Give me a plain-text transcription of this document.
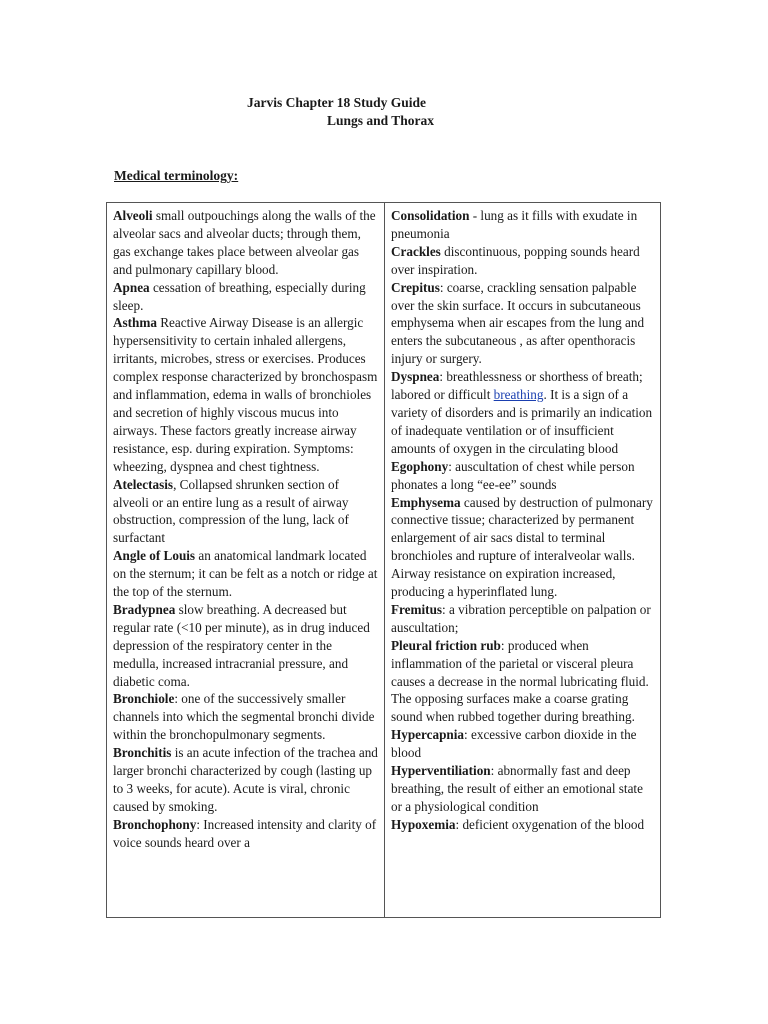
Jarvis Chapter 18 Study Guide
Lungs and Thorax
Medical terminology:

Alveoli small outpouchings along the walls of the alveolar sacs and alveolar ducts; through them, gas exchange takes place between alveolar gas and pulmonary capillary blood.

Apnea cessation of breathing, especially during sleep.

Asthma Reactive Airway Disease is an allergic hypersensitivity to certain inhaled allergens, irritants, microbes, stress or exercises. Produces complex response characterized by bronchospasm and inflammation, edema in walls of bronchioles and secretion of highly viscous mucus into airways. These factors greatly increase airway resistance, esp. during expiration. Symptoms: wheezing, dyspnea and chest tightness.

Atelectasis, Collapsed shrunken section of alveoli or an entire lung as a result of airway obstruction, compression of the lung, lack of surfactant

Angle of Louis an anatomical landmark located on the sternum; it can be felt as a notch or ridge at the top of the sternum.

Bradypnea slow breathing. A decreased but regular rate (<10 per minute), as in drug induced depression of the respiratory center in the medulla, increased intracranial pressure, and diabetic coma.

Bronchiole: one of the successively smaller channels into which the segmental bronchi divide within the bronchopulmonary segments.

Bronchitis is an acute infection of the trachea and larger bronchi characterized by cough (lasting up to 3 weeks, for acute). Acute is viral, chronic caused by smoking.

Bronchophony: Increased intensity and clarity of voice sounds heard over a

Consolidation - lung as it fills with exudate in pneumonia

Crackles discontinuous, popping sounds heard over inspiration.

Crepitus: coarse, crackling sensation palpable over the skin surface. It occurs in subcutaneous emphysema when air escapes from the lung and enters the subcutaneous , as after openthoracis injury or surgery.

Dyspnea: breathlessness or shorthess of breath; labored or difficult breathing. It is a sign of a variety of disorders and is primarily an indication of inadequate ventilation or of insufficient amounts of oxygen in the circulating blood

Egophony: auscultation of chest while person phonates a long “ee-ee” sounds

Emphysema caused by destruction of pulmonary connective tissue; characterized by permanent enlargement of air sacs distal to terminal bronchioles and rupture of interalveolar walls. Airway resistance on expiration increased, producing a hyperinflated lung.

Fremitus: a vibration perceptible on palpation or auscultation;

Pleural friction rub: produced when inflammation of the parietal or visceral pleura causes a decrease in the normal lubricating fluid. The opposing surfaces make a coarse grating sound when rubbed together during breathing.

Hypercapnia: excessive carbon dioxide in the blood

Hyperventiliation: abnormally fast and deep breathing, the result of either an emotional state or a physiological condition

Hypoxemia: deficient oxygenation of the blood
